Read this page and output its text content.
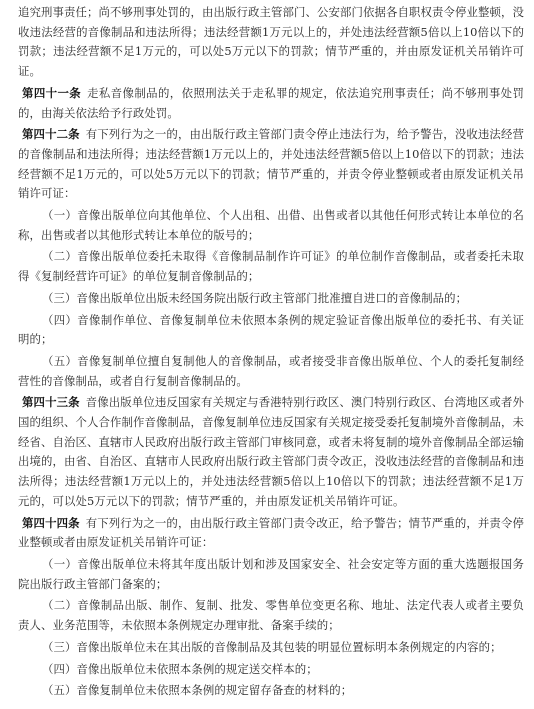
追究刑事责任；尚不够刑事处罚的，由出版行政主管部门、公安部门依据各自职权责令停业整顿，没收违法经营的音像制品和违法所得；违法经营额1万元以上的，并处违法经营额5倍以上10倍以下的罚款；违法经营额不足1万元的，可以处5万元以下的罚款；情节严重的，并由原发证机关吊销许可证。

第四十一条 走私音像制品的，依照刑法关于走私罪的规定，依法追究刑事责任；尚不够刑事处罚的，由海关依法给予行政处罚。

第四十二条 有下列行为之一的，由出版行政主管部门责令停止违法行为，给予警告，没收违法经营的音像制品和违法所得；违法经营额1万元以上的，并处违法经营额5倍以上10倍以下的罚款；违法经营额不足1万元的，可以处5万元以下的罚款；情节严重的，并责令停业整顿或者由原发证机关吊销许可证：

（一）音像出版单位向其他单位、个人出租、出借、出售或者以其他任何形式转让本单位的名称，出售或者以其他形式转让本单位的版号的；

（二）音像出版单位委托未取得《音像制品制作许可证》的单位制作音像制品，或者委托未取得《复制经营许可证》的单位复制音像制品的；

（三）音像出版单位出版未经国务院出版行政主管部门批准擅自进口的音像制品的；

（四）音像制作单位、音像复制单位未依照本条例的规定验证音像出版单位的委托书、有关证明的；

（五）音像复制单位擅自复制他人的音像制品，或者接受非音像出版单位、个人的委托复制经营性的音像制品，或者自行复制音像制品的。

第四十三条 音像出版单位违反国家有关规定与香港特别行政区、澳门特别行政区、台湾地区或者外国的组织、个人合作制作音像制品，音像复制单位违反国家有关规定接受委托复制境外音像制品，未经省、自治区、直辖市人民政府出版行政主管部门审核同意，或者未将复制的境外音像制品全部运输出境的，由省、自治区、直辖市人民政府出版行政主管部门责令改正，没收违法经营的音像制品和违法所得；违法经营额1万元以上的，并处违法经营额5倍以上10倍以下的罚款；违法经营额不足1万元的，可以处5万元以下的罚款；情节严重的，并由原发证机关吊销许可证。

第四十四条 有下列行为之一的，由出版行政主管部门责令改正，给予警告；情节严重的，并责令停业整顿或者由原发证机关吊销许可证：

（一）音像出版单位未将其年度出版计划和涉及国家安全、社会安定等方面的重大选题报国务院出版行政主管部门备案的；

（二）音像制品出版、制作、复制、批发、零售单位变更名称、地址、法定代表人或者主要负责人、业务范围等，未依照本条例规定办理审批、备案手续的；

（三）音像出版单位未在其出版的音像制品及其包装的明显位置标明本条例规定的内容的；

（四）音像出版单位未依照本条例的规定送交样本的；

（五）音像复制单位未依照本条例的规定留存备查的材料的；
